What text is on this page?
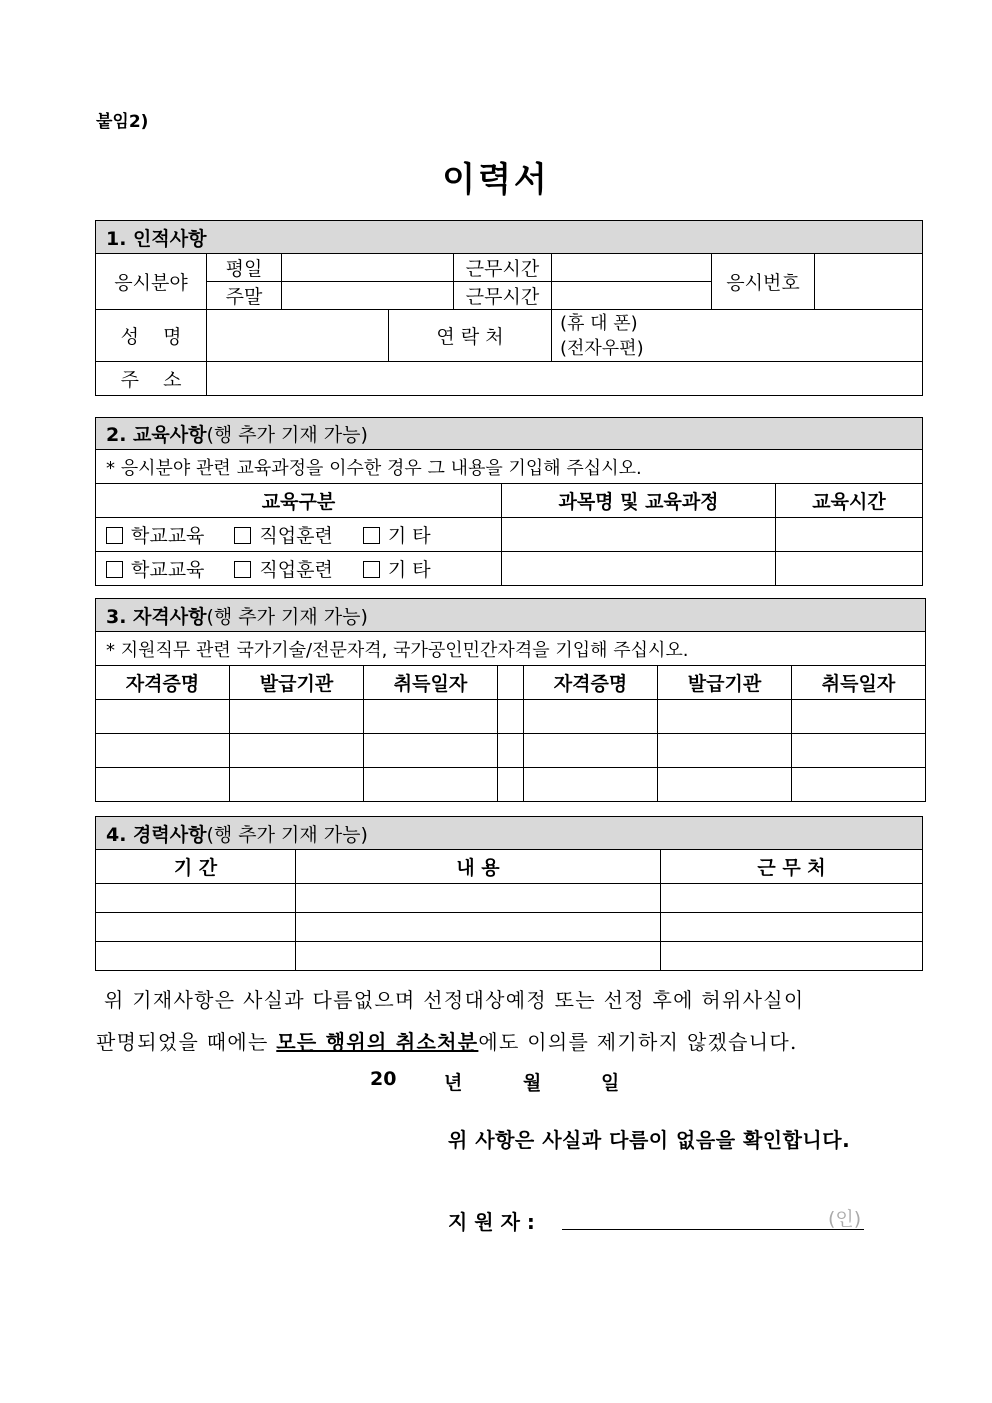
붙임2)
이력서
1. 인적사항							
응시분야	평일			근무시간		응시번호	
	주말			근무시간			
성    명			연 락 처		(휴 대 폰)
(전자우편)		

주    소							
2. 교육사항(행 추가 기재 가능)		
* 응시분야 관련 교육과정을 이수한 경우 그 내용을 기입해 주십시오.		
교육구분	과목명 및 교육과정	교육시간
학교교육 직업훈련 기 타		
학교교육 직업훈련 기 타		
3. 자격사항(행 추가 기재 가능)						
* 지원직무 관련 국가기술/전문자격, 국가공인민간자격을 기입해 주십시오.						
자격증명	발급기관	취득일자		자격증명	발급기관	취득일자

4. 경력사항(행 추가 기재 가능)		
기 간	내 용	근 무 처

위 기재사항은 사실과 다름없으며 선정대상예정 또는 선정 후에 허위사실이
판명되었을 때에는 모든 행위의 취소처분에도 이의를 제기하지 않겠습니다.
20	년	월	일
위 사항은 사실과 다름이 없음을 확인합니다.
지 원 자 :	(인)
